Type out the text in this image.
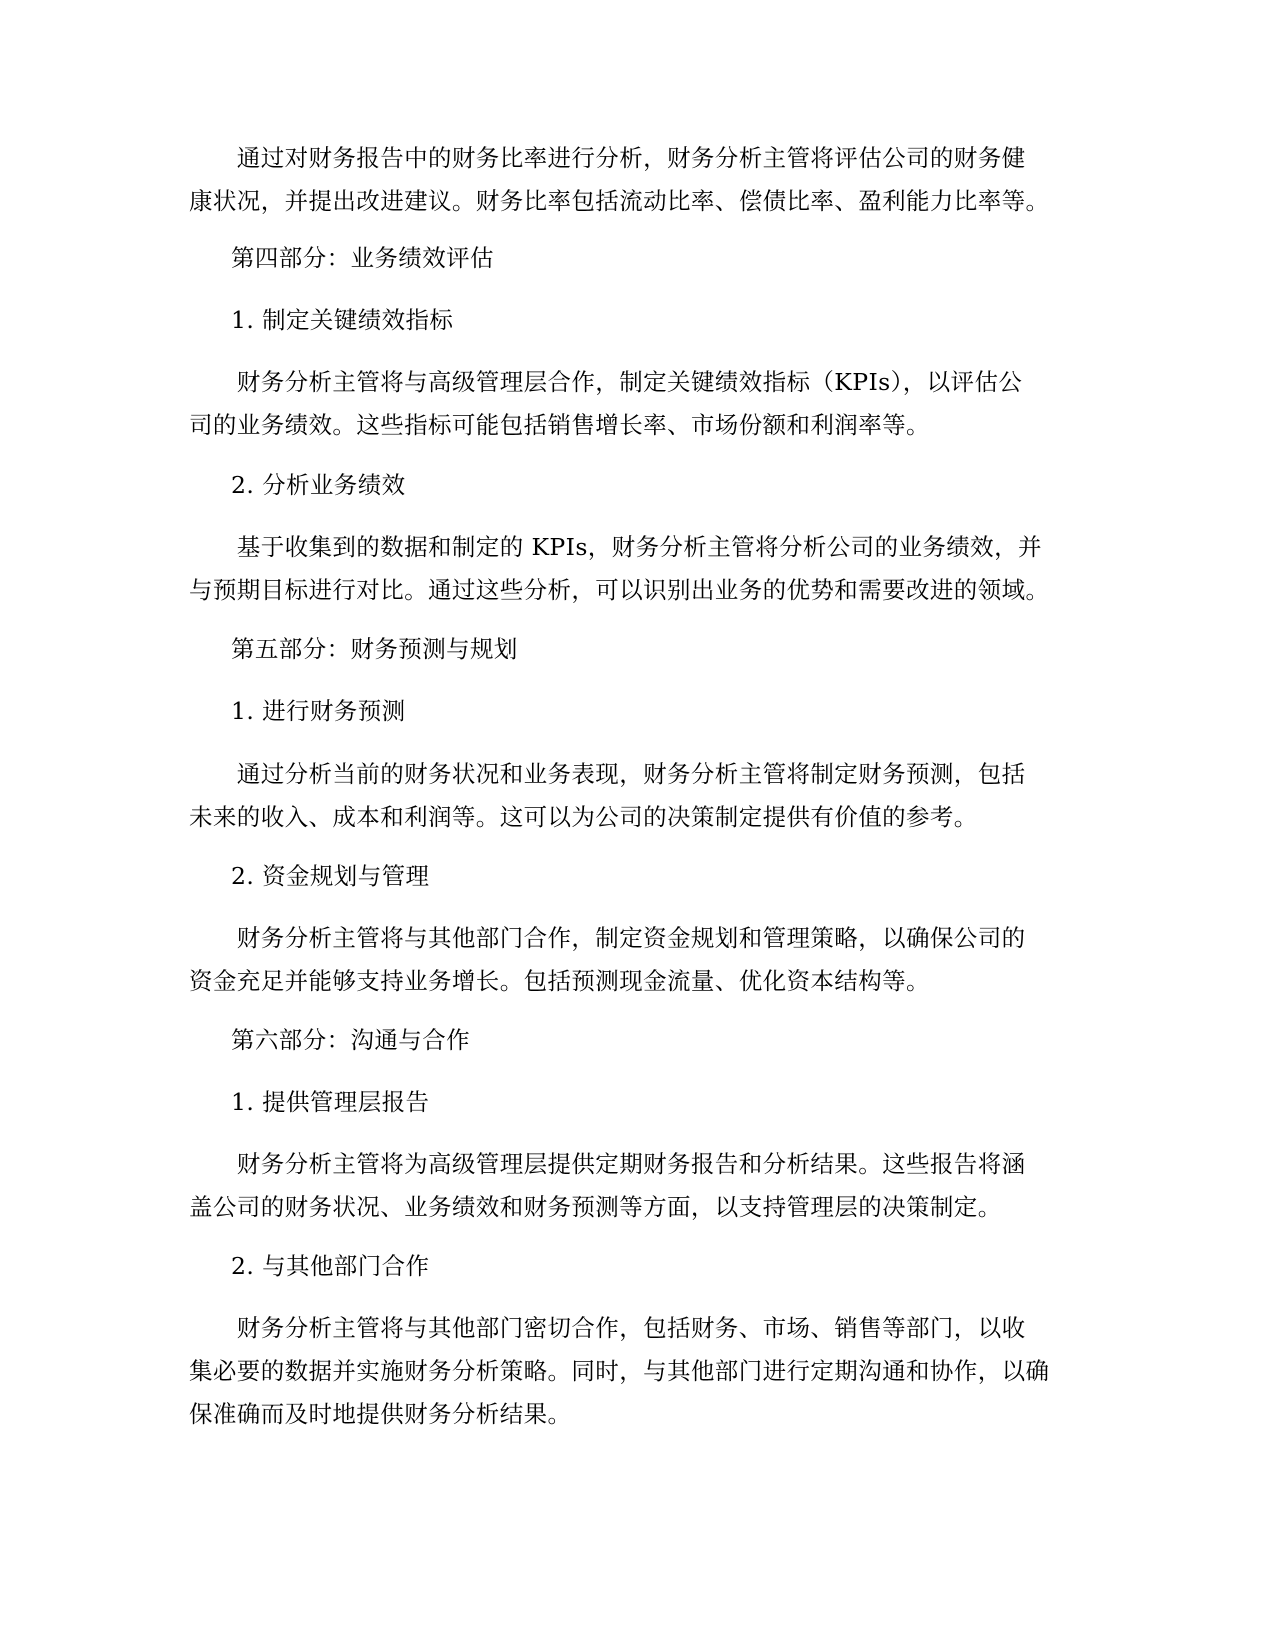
　　通过对财务报告中的财务比率进行分析，财务分析主管将评估公司的财务健
康状况，并提出改进建议。财务比率包括流动比率、偿债比率、盈利能力比率等。
第四部分：业务绩效评估
1. 制定关键绩效指标
　　财务分析主管将与高级管理层合作，制定关键绩效指标（KPIs），以评估公
司的业务绩效。这些指标可能包括销售增长率、市场份额和利润率等。
2. 分析业务绩效
　　基于收集到的数据和制定的 KPIs，财务分析主管将分析公司的业务绩效，并
与预期目标进行对比。通过这些分析，可以识别出业务的优势和需要改进的领域。
第五部分：财务预测与规划
1. 进行财务预测
　　通过分析当前的财务状况和业务表现，财务分析主管将制定财务预测，包括
未来的收入、成本和利润等。这可以为公司的决策制定提供有价值的参考。
2. 资金规划与管理
　　财务分析主管将与其他部门合作，制定资金规划和管理策略，以确保公司的
资金充足并能够支持业务增长。包括预测现金流量、优化资本结构等。
第六部分：沟通与合作
1. 提供管理层报告
　　财务分析主管将为高级管理层提供定期财务报告和分析结果。这些报告将涵
盖公司的财务状况、业务绩效和财务预测等方面，以支持管理层的决策制定。
2. 与其他部门合作
　　财务分析主管将与其他部门密切合作，包括财务、市场、销售等部门，以收
集必要的数据并实施财务分析策略。同时，与其他部门进行定期沟通和协作，以确
保准确而及时地提供财务分析结果。
